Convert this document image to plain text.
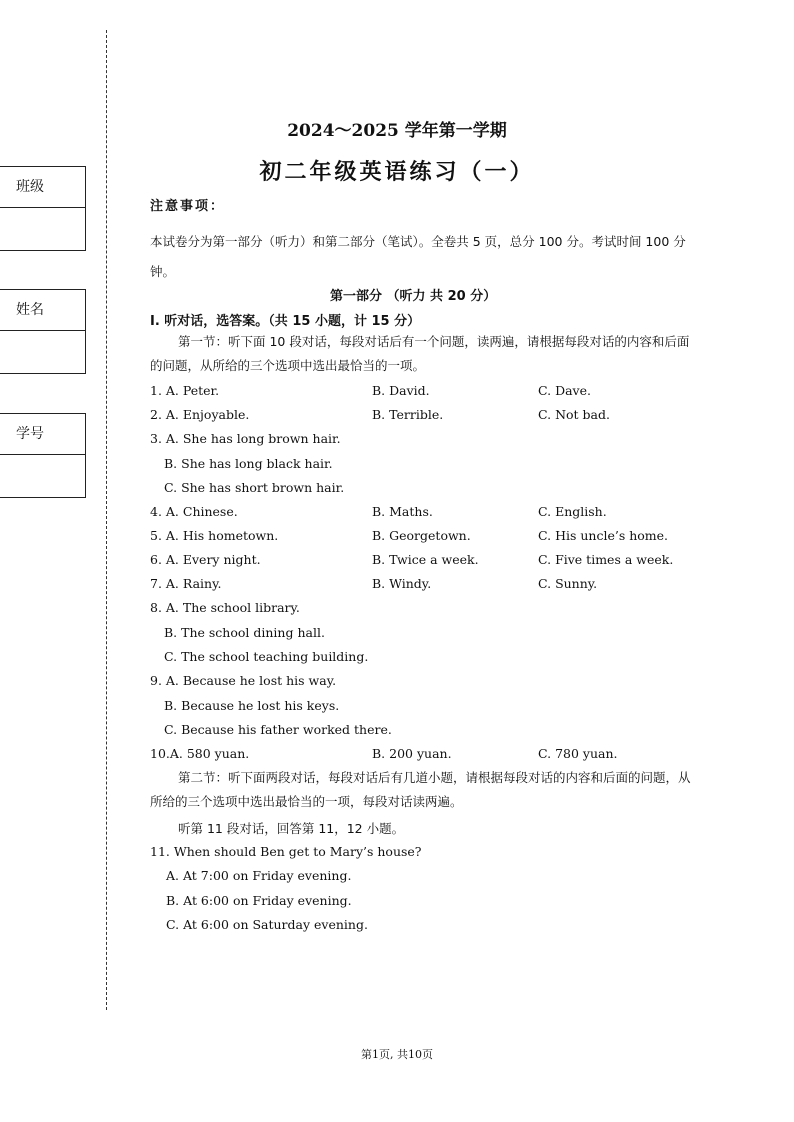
班级
姓名
学号
2024～2025 学年第一学期
初二年级英语练习（一）
注意事项：
本试卷分为第一部分（听力）和第二部分（笔试）。全卷共 5 页，总分 100 分。考试时间 100 分钟。
第一部分 （听力 共 20 分）
I. 听对话，选答案。（共 15 小题，计 15 分）
第一节：听下面 10 段对话，每段对话后有一个问题，读两遍，请根据每段对话的内容和后面的问题，从所给的三个选项中选出最恰当的一项。
1. A. Peter.	B. David.	C. Dave.
2. A. Enjoyable.	B. Terrible.	C. Not bad.
3. A. She has long brown hair.
B. She has long black hair.
C. She has short brown hair.
4. A. Chinese.	B. Maths.	C. English.
5. A. His hometown.	B. Georgetown.	C. His uncle’s home.
6. A. Every night.	B. Twice a week.	C. Five times a week.
7. A. Rainy.	B. Windy.	C. Sunny.
8. A. The school library.
B. The school dining hall.
C. The school teaching building.
9. A. Because he lost his way.
B. Because he lost his keys.
C. Because his father worked there.
10.A. 580 yuan.	B. 200 yuan.	C. 780 yuan.
第二节：听下面两段对话，每段对话后有几道小题，请根据每段对话的内容和后面的问题，从所给的三个选项中选出最恰当的一项，每段对话读两遍。
听第 11 段对话，回答第 11，12 小题。
11. When should Ben get to Mary’s house?
A. At 7:00 on Friday evening.
B. At 6:00 on Friday evening.
C. At 6:00 on Saturday evening.
第1页, 共10页
